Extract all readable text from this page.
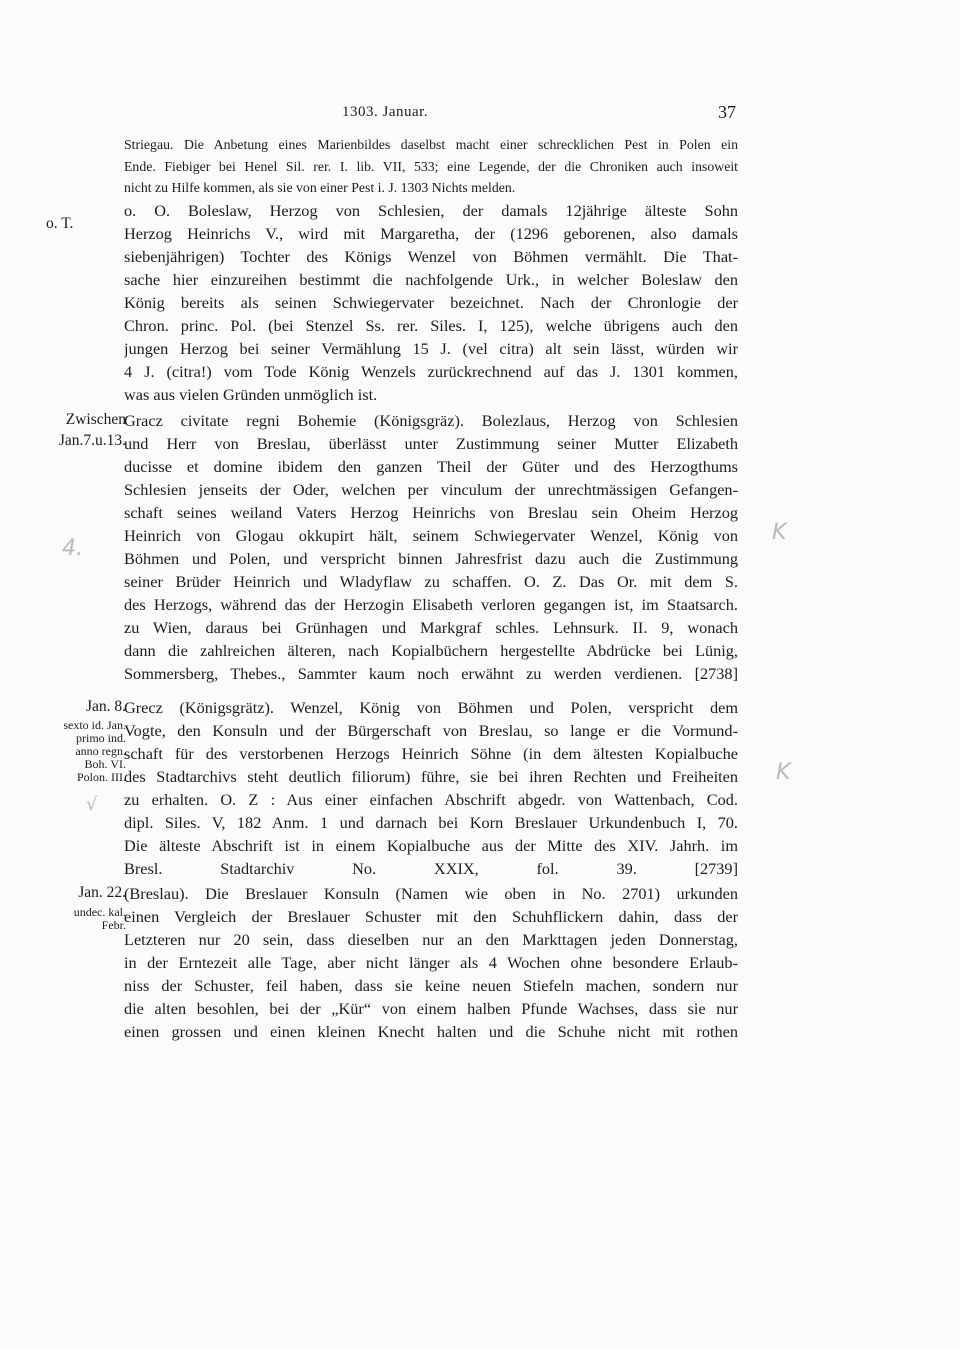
1303. Januar.	37
Striegau. Die Anbetung eines Marienbildes daselbst macht einer schrecklichen Pest in Polen ein
Ende. Fiebiger bei Henel Sil. rer. I. lib. VII, 533; eine Legende, der die Chroniken auch insoweit
nicht zu Hilfe kommen, als sie von einer Pest i. J. 1303 Nichts melden.
o. T.
o. O. Boleslaw, Herzog von Schlesien, der damals 12jährige älteste Sohn
Herzog Heinrichs V., wird mit Margaretha, der (1296 geborenen, also damals
siebenjährigen) Tochter des Königs Wenzel von Böhmen vermählt. Die That-
sache hier einzureihen bestimmt die nachfolgende Urk., in welcher Boleslaw den
König bereits als seinen Schwiegervater bezeichnet. Nach der Chronlogie der
Chron. princ. Pol. (bei Stenzel Ss. rer. Siles. I, 125), welche übrigens auch den
jungen Herzog bei seiner Vermählung 15 J. (vel citra) alt sein lässt, würden wir
4 J. (citra!) vom Tode König Wenzels zurückrechnend auf das J. 1301 kommen,
was aus vielen Gründen unmöglich ist.
Zwischen
Jan.7.u.13.
Gracz civitate regni Bohemie (Königsgräz). Bolezlaus, Herzog von Schlesien
und Herr von Breslau, überlässt unter Zustimmung seiner Mutter Elizabeth
ducisse et domine ibidem den ganzen Theil der Güter und des Herzogthums
Schlesien jenseits der Oder, welchen per vinculum der unrechtmässigen Gefangen-
schaft seines weiland Vaters Herzog Heinrichs von Breslau sein Oheim Herzog
Heinrich von Glogau okkupirt hält, seinem Schwiegervater Wenzel, König von
Böhmen und Polen, und verspricht binnen Jahresfrist dazu auch die Zustimmung
seiner Brüder Heinrich und Wladyflaw zu schaffen. O. Z. Das Or. mit dem S.
des Herzogs, während das der Herzogin Elisabeth verloren gegangen ist, im Staatsarch.
zu Wien, daraus bei Grünhagen und Markgraf schles. Lehnsurk. II. 9, wonach
dann die zahlreichen älteren, nach Kopialbüchern hergestellte Abdrücke bei Lünig,
Sommersberg, Thebes., Sammter kaum noch erwähnt zu werden verdienen. [2738]
Jan. 8.
sexto id. Jan.
primo ind.
anno regn.
Boh. VI.
Polon. III.
Grecz (Königsgrätz). Wenzel, König von Böhmen und Polen, verspricht dem
Vogte, den Konsuln und der Bürgerschaft von Breslau, so lange er die Vormund-
schaft für des verstorbenen Herzogs Heinrich Söhne (in dem ältesten Kopialbuche
des Stadtarchivs steht deutlich filiorum) führe, sie bei ihren Rechten und Freiheiten
zu erhalten. O. Z : Aus einer einfachen Abschrift abgedr. von Wattenbach, Cod.
dipl. Siles. V, 182 Anm. 1 und darnach bei Korn Breslauer Urkundenbuch I, 70.
Die älteste Abschrift ist in einem Kopialbuche aus der Mitte des XIV. Jahrh. im
Bresl. Stadtarchiv No. XXIX, fol. 39. [2739]
Jan. 22.
undec. kal.
Febr.
(Breslau). Die Breslauer Konsuln (Namen wie oben in No. 2701) urkunden
einen Vergleich der Breslauer Schuster mit den Schuhflickern dahin, dass der
Letzteren nur 20 sein, dass dieselben nur an den Markttagen jeden Donnerstag,
in der Erntezeit alle Tage, aber nicht länger als 4 Wochen ohne besondere Erlaub-
niss der Schuster, feil haben, dass sie keine neuen Stiefeln machen, sondern nur
die alten besohlen, bei der „Kür“ von einem halben Pfunde Wachses, dass sie nur
einen grossen und einen kleinen Knecht halten und die Schuhe nicht mit rothen
4.
K
K
√
